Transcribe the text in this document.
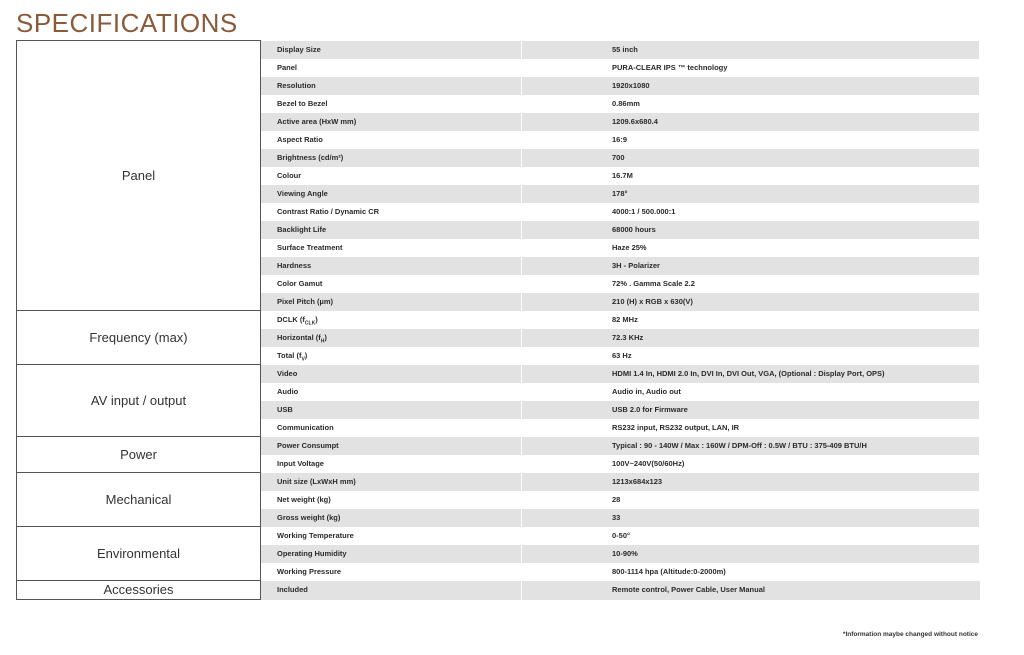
SPECIFICATIONS
Panel	Display Size	55 inch
	Panel	PURA-CLEAR IPS ™ technology
	Resolution	1920x1080
	Bezel to Bezel	0.86mm
	Active area (HxW mm)	1209.6x680.4
	Aspect Ratio	16:9
	Brightness (cd/m²)	700
	Colour	16.7M
	Viewing Angle	178°
	Contrast Ratio / Dynamic CR	4000:1 / 500.000:1
	Backlight Life	68000 hours
	Surface Treatment	Haze 25%
	Hardness	3H - Polarizer
	Color Gamut	72% . Gamma Scale 2.2
	Pixel Pitch (µm)	210 (H) x RGB x 630(V)
Frequency (max)	DCLK $(f_{CLK})$	82 MHz
	Horizontal $(f_H)$	72.3 KHz
	Total $(f_V)$	63 Hz
AV input / output	Video	HDMI 1.4 In, HDMI 2.0 In, DVI In, DVI Out, VGA, (Optional : Display Port, OPS)
	Audio	Audio in, Audio out
	USB	USB 2.0 for Firmware
	Communication	RS232 input, RS232 output, LAN, IR
Power	Power Consumpt	Typical : 90 - 140W / Max : 160W / DPM-Off : 0.5W / BTU : 375-409 BTU/H
	Input Voltage	100V~240V(50/60Hz)
Mechanical	Unit size (LxWxH mm)	1213x684x123
	Net weight (kg)	28
	Gross weight (kg)	33
Environmental	Working Temperature	0-50°
	Operating Humidity	10-90%
	Working Pressure	800-1114 hpa (Altitude:0-2000m)
Accessories	Included	Remote control, Power Cable, User Manual
*Information maybe changed without notice
